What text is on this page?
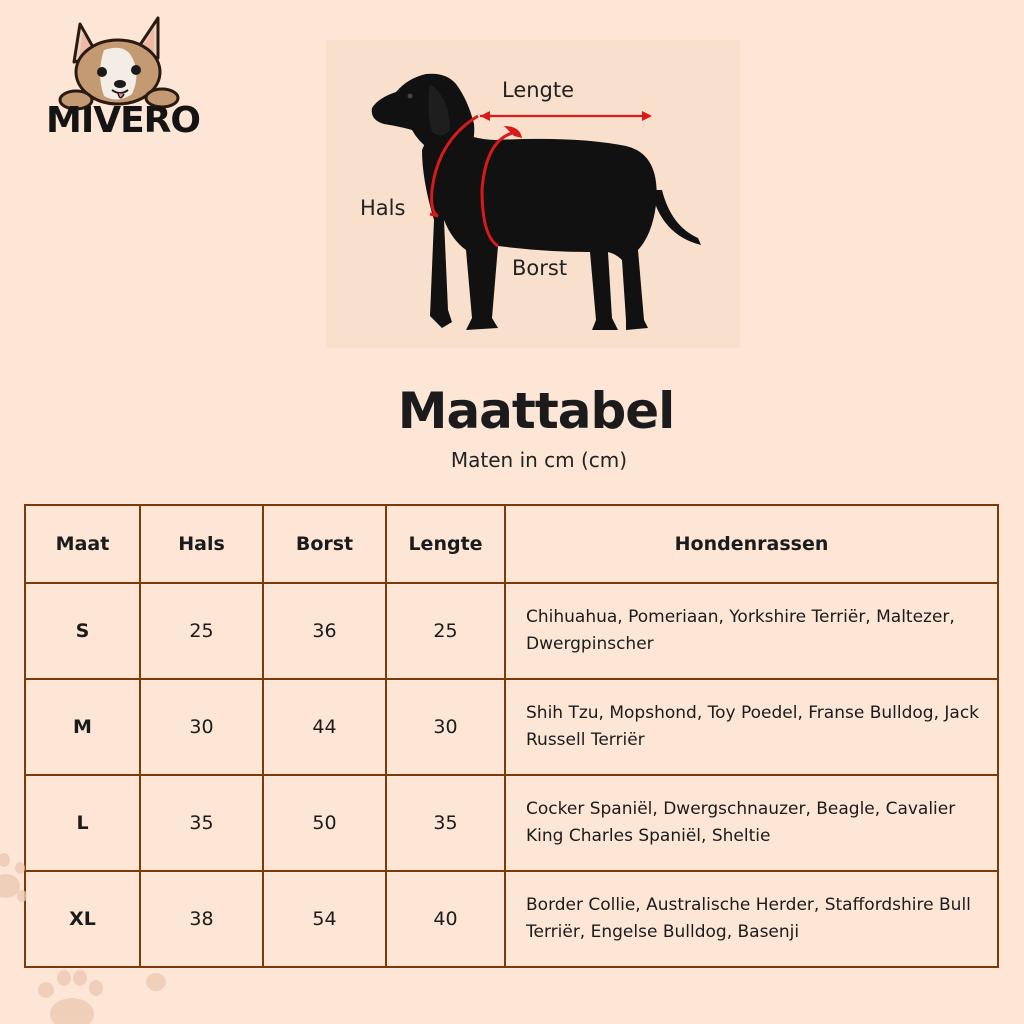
MIVERO
Lengte
Hals
Borst
Maattabel
Maten in cm (cm)
Maat	Hals	Borst	Lengte	Hondenrassen
S	25	36	25	Chihuahua, Pomeriaan, Yorkshire Terriër, Maltezer, Dwergpinscher
M	30	44	30	Shih Tzu, Mopshond, Toy Poedel, Franse Bulldog, Jack Russell Terriër
L	35	50	35	Cocker Spaniël, Dwergschnauzer, Beagle, Cavalier King Charles Spaniël, Sheltie
XL	38	54	40	Border Collie, Australische Herder, Staffordshire Bull Terriër, Engelse Bulldog, Basenji
